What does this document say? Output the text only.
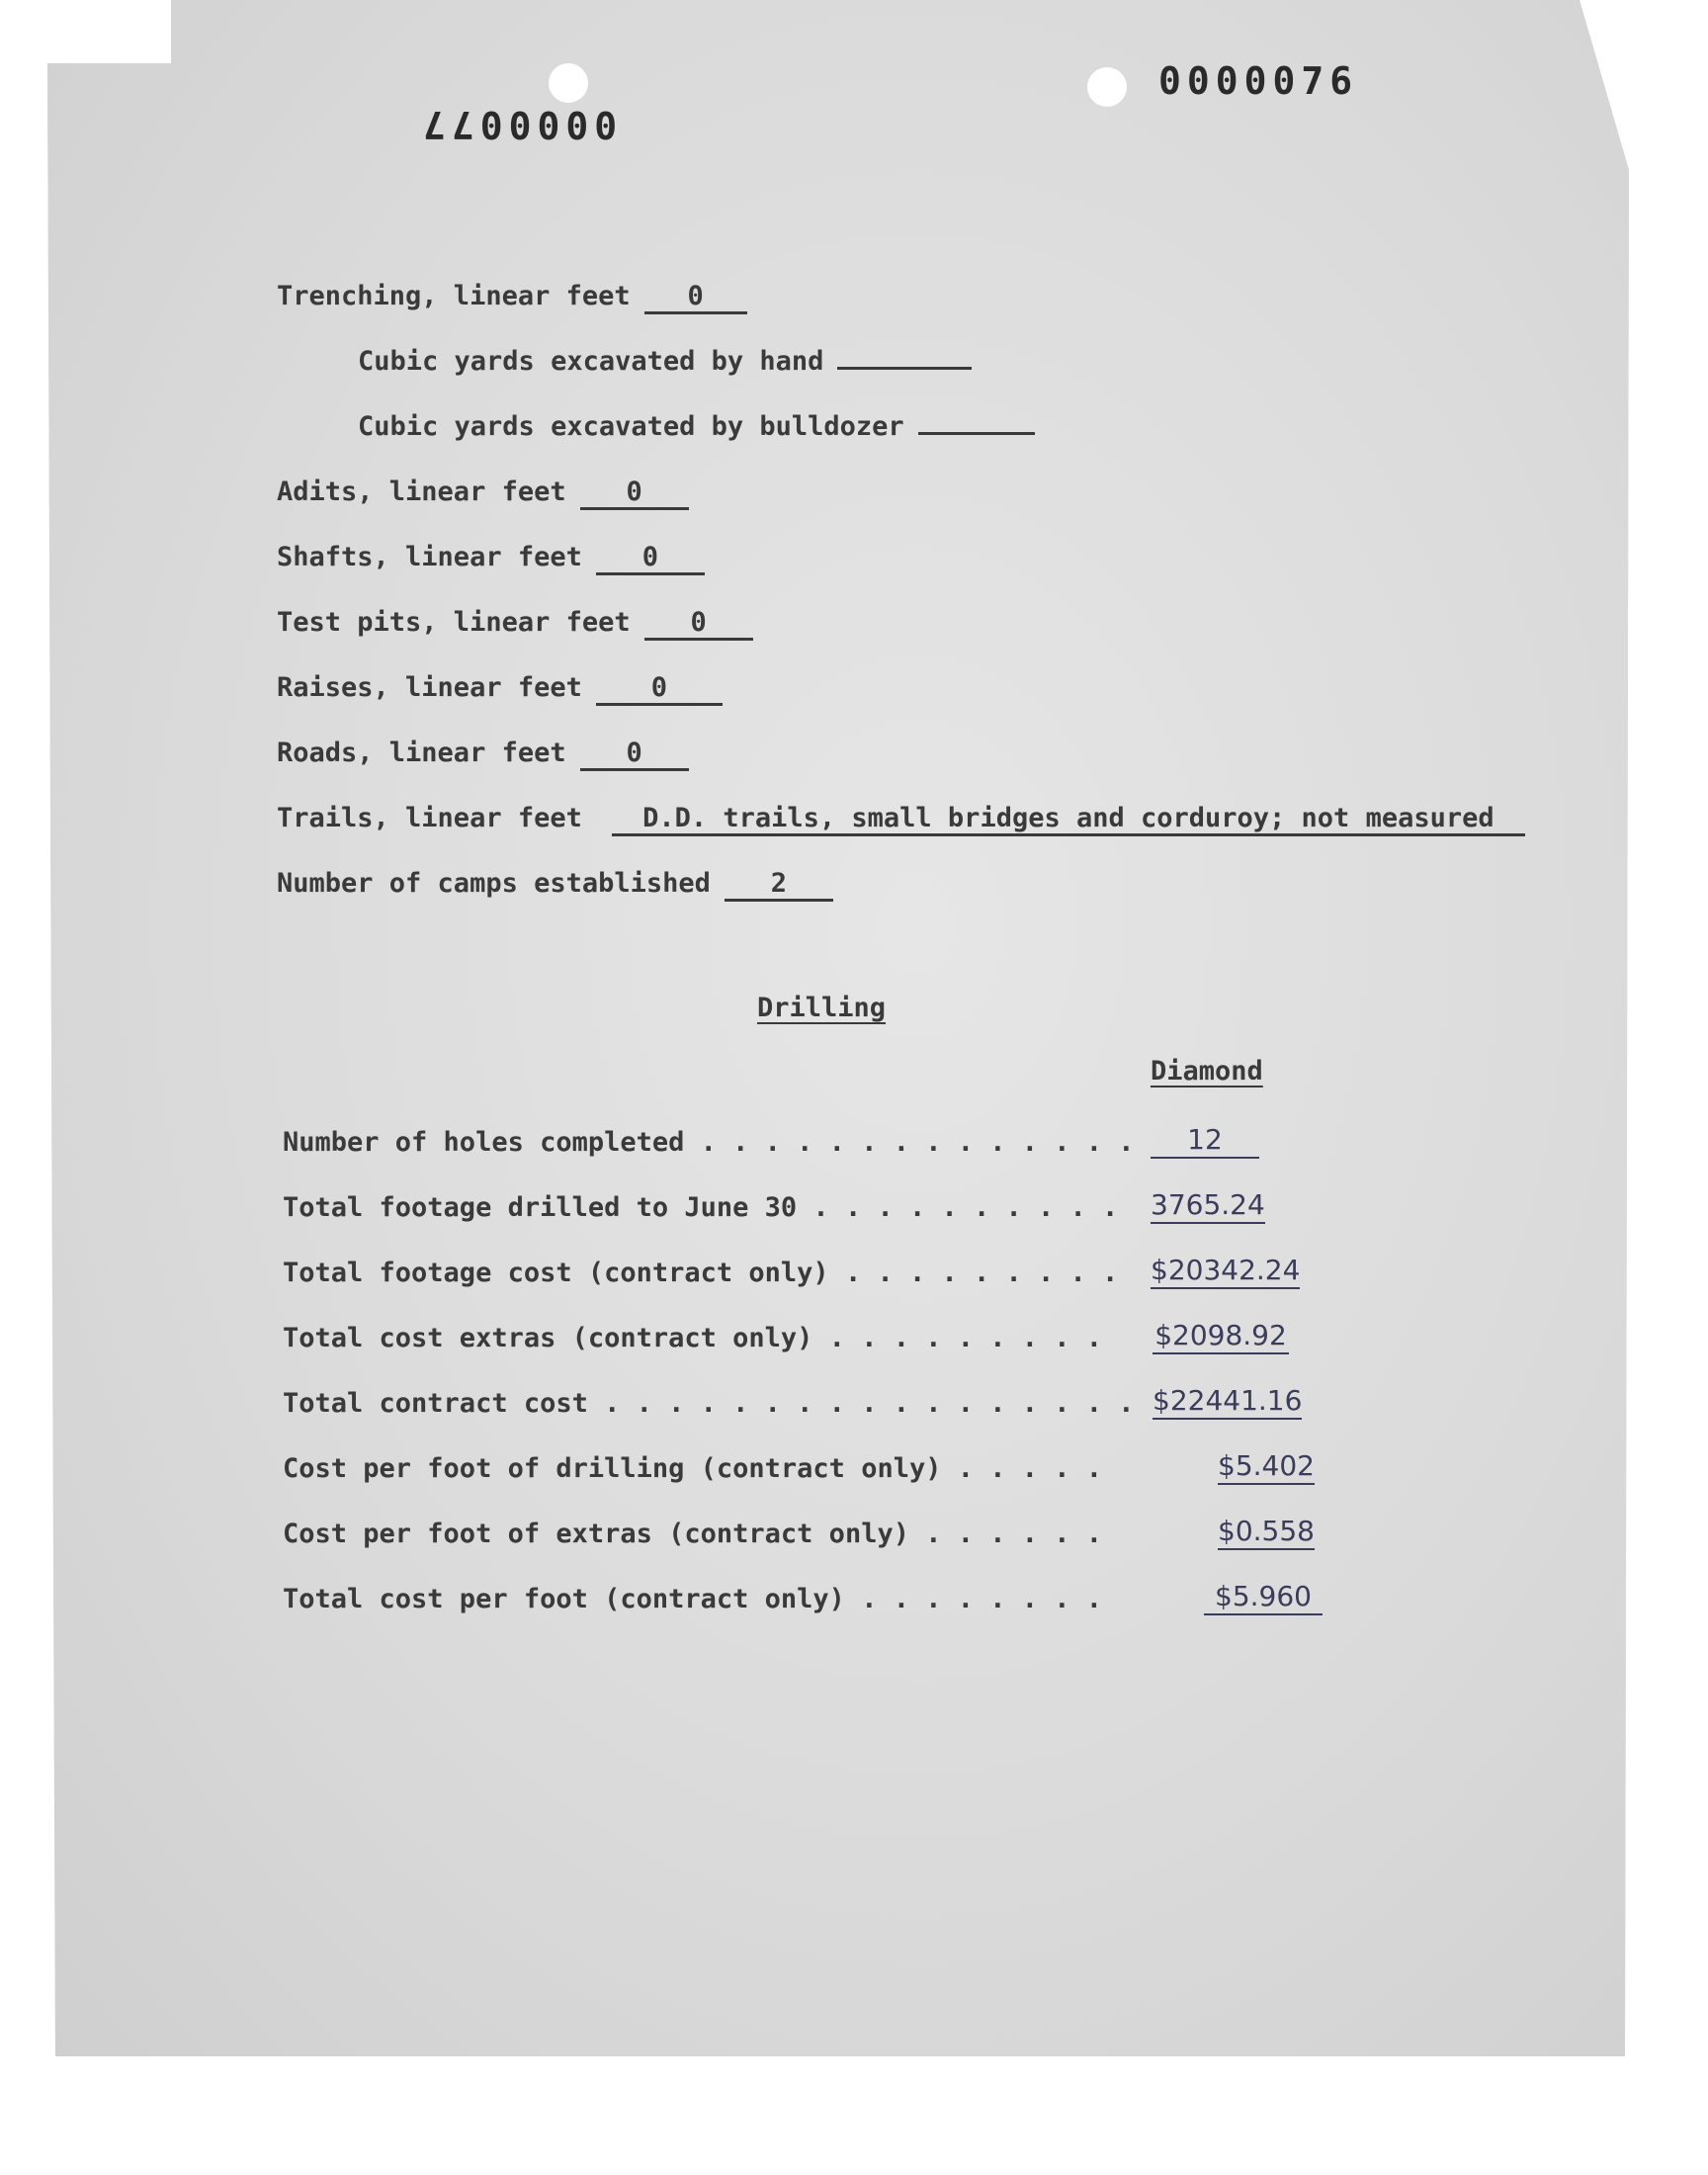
0000077
0000076
Trenching, linear feet 0
Cubic yards excavated by hand
Cubic yards excavated by bulldozer
Adits, linear feet 0
Shafts, linear feet 0
Test pits, linear feet 0
Raises, linear feet	0
Roads, linear feet 0
Trails, linear feet D.D. trails, small bridges and corduroy; not measured
Number of camps established 2
Drilling
Diamond
Number of holes completed . . . . . . . . . . . . . .	12
Total footage drilled to June 30 . . . . . . . . . . 3765.24
Total footage cost (contract only) . . . . . . . . . $20342.24
Total cost extras (contract only) . . . . . . . . . $2098.92
Total contract cost . . . . . . . . . . . . . . . . . $22441.16
Cost per foot of drilling (contract only) . . . . .	$5.402
Cost per foot of extras (contract only) . . . . . .	$0.558
Total cost per foot (contract only) . . . . . . . .	$5.960
